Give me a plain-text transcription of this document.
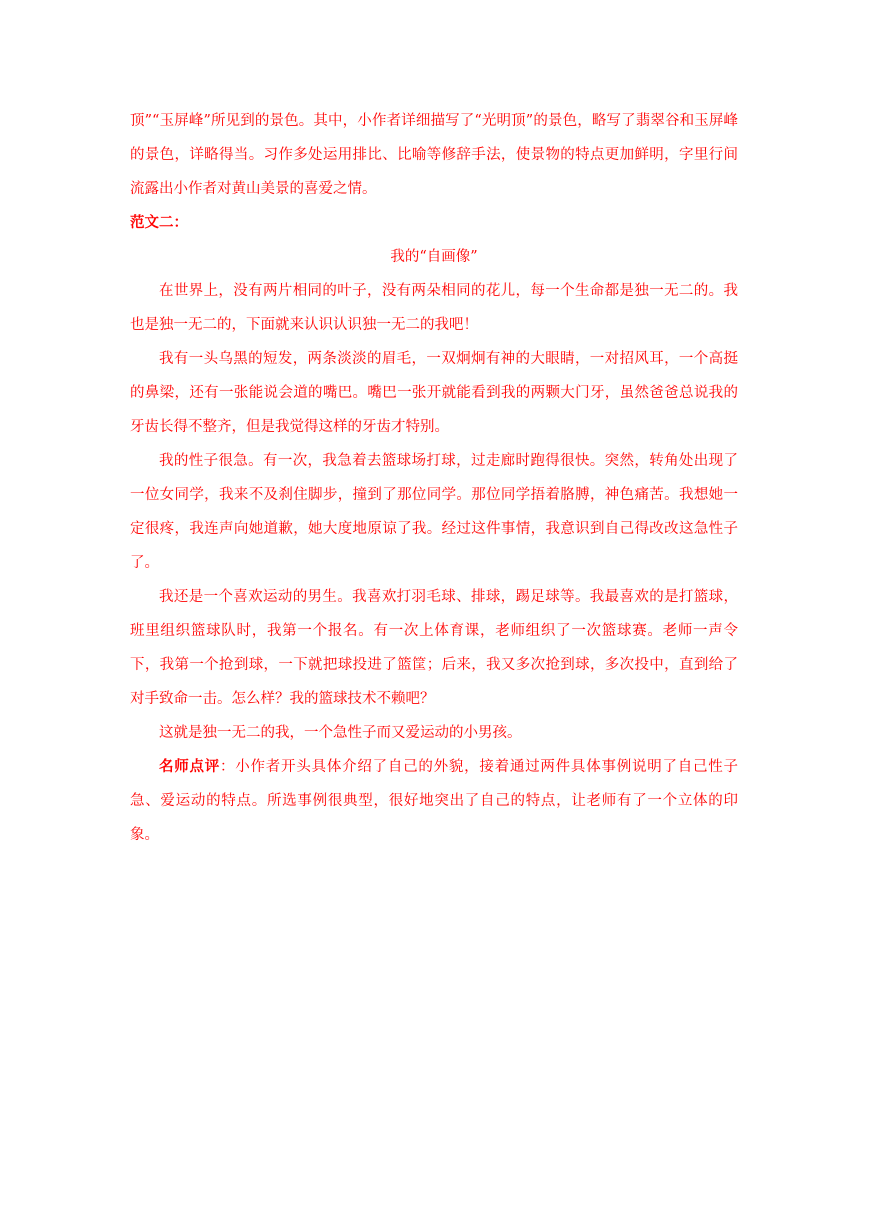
顶”“玉屏峰”所见到的景色。其中，小作者详细描写了“光明顶”的景色，略写了翡翠谷和玉屏峰的景色，详略得当。习作多处运用排比、比喻等修辞手法，使景物的特点更加鲜明，字里行间流露出小作者对黄山美景的喜爱之情。

范文二：

我的“自画像”

在世界上，没有两片相同的叶子，没有两朵相同的花儿，每一个生命都是独一无二的。我也是独一无二的，下面就来认识认识独一无二的我吧！

我有一头乌黑的短发，两条淡淡的眉毛，一双炯炯有神的大眼睛，一对招风耳，一个高挺的鼻梁，还有一张能说会道的嘴巴。嘴巴一张开就能看到我的两颗大门牙，虽然爸爸总说我的牙齿长得不整齐，但是我觉得这样的牙齿才特别。

我的性子很急。有一次，我急着去篮球场打球，过走廊时跑得很快。突然，转角处出现了一位女同学，我来不及刹住脚步，撞到了那位同学。那位同学捂着胳膊，神色痛苦。我想她一定很疼，我连声向她道歉，她大度地原谅了我。经过这件事情，我意识到自己得改改这急性子了。

我还是一个喜欢运动的男生。我喜欢打羽毛球、排球，踢足球等。我最喜欢的是打篮球，班里组织篮球队时，我第一个报名。有一次上体育课，老师组织了一次篮球赛。老师一声令下，我第一个抢到球，一下就把球投进了篮筐；后来，我又多次抢到球，多次投中，直到给了对手致命一击。怎么样？我的篮球技术不赖吧？

这就是独一无二的我，一个急性子而又爱运动的小男孩。

名师点评：小作者开头具体介绍了自己的外貌，接着通过两件具体事例说明了自己性子急、爱运动的特点。所选事例很典型，很好地突出了自己的特点，让老师有了一个立体的印象。
